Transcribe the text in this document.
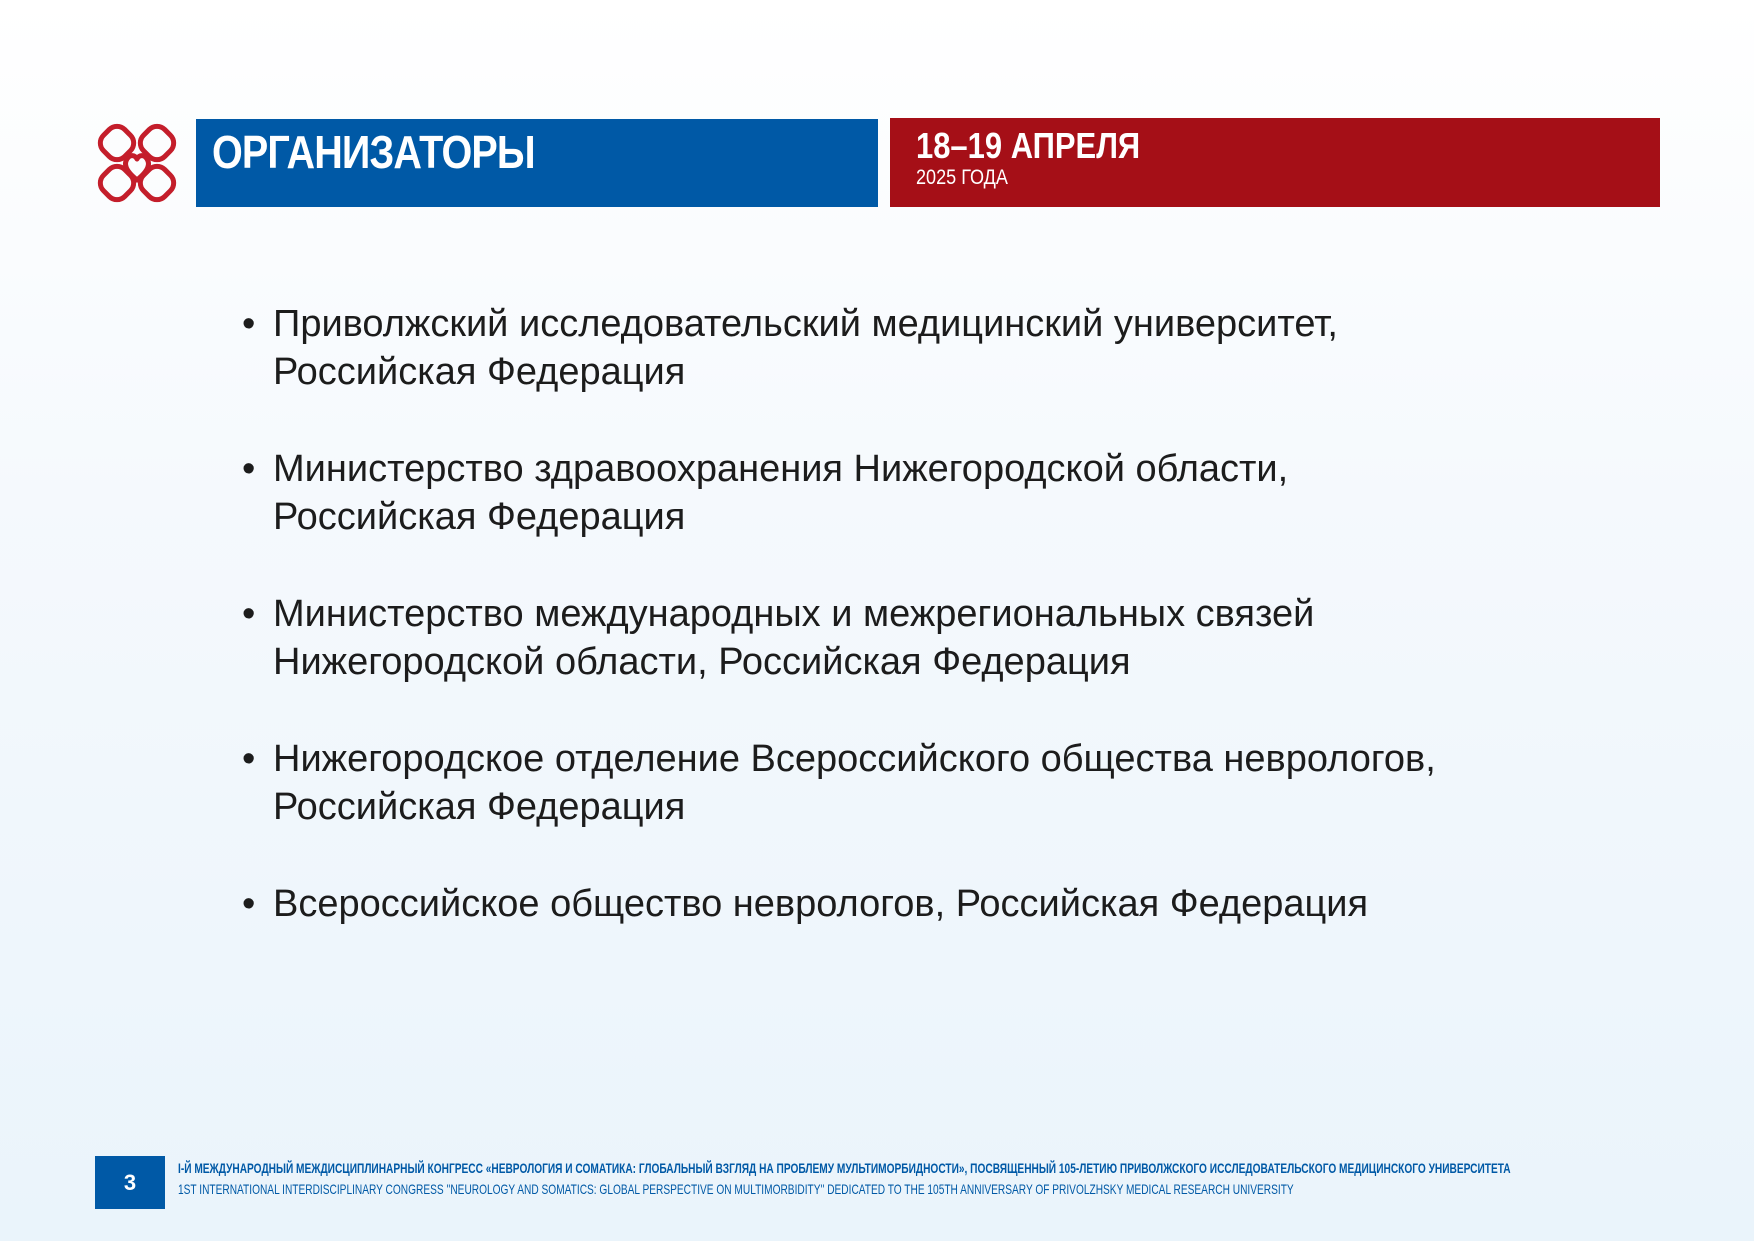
ОРГАНИЗАТОРЫ	18–19 АПРЕЛЯ
2025 ГОДА
• Приволжский исследовательский медицинский университет,
Российская Федерация
• Министерство здравоохранения Нижегородской области,
Российская Федерация
• Министерство международных и межрегиональных связей
Нижегородской области, Российская Федерация
• Нижегородское отделение Всероссийского общества неврологов,
Российская Федерация
• Всероссийское общество неврологов, Российская Федерация
3
I-Й МЕЖДУНАРОДНЫЙ МЕЖДИСЦИПЛИНАРНЫЙ КОНГРЕСС «НЕВРОЛОГИЯ И СОМАТИКА: ГЛОБАЛЬНЫЙ ВЗГЛЯД НА ПРОБЛЕМУ МУЛЬТИМОРБИДНОСТИ», ПОСВЯЩЕННЫЙ 105-ЛЕТИЮ ПРИВОЛЖСКОГО ИССЛЕДОВАТЕЛЬСКОГО МЕДИЦИНСКОГО УНИВЕРСИТЕТА
1ST INTERNATIONAL INTERDISCIPLINARY CONGRESS ''NEUROLOGY AND SOMATICS: GLOBAL PERSPECTIVE ON MULTIMORBIDITY'' DEDICATED TO THE 105TH ANNIVERSARY OF PRIVOLZHSKY MEDICAL RESEARCH UNIVERSITY
